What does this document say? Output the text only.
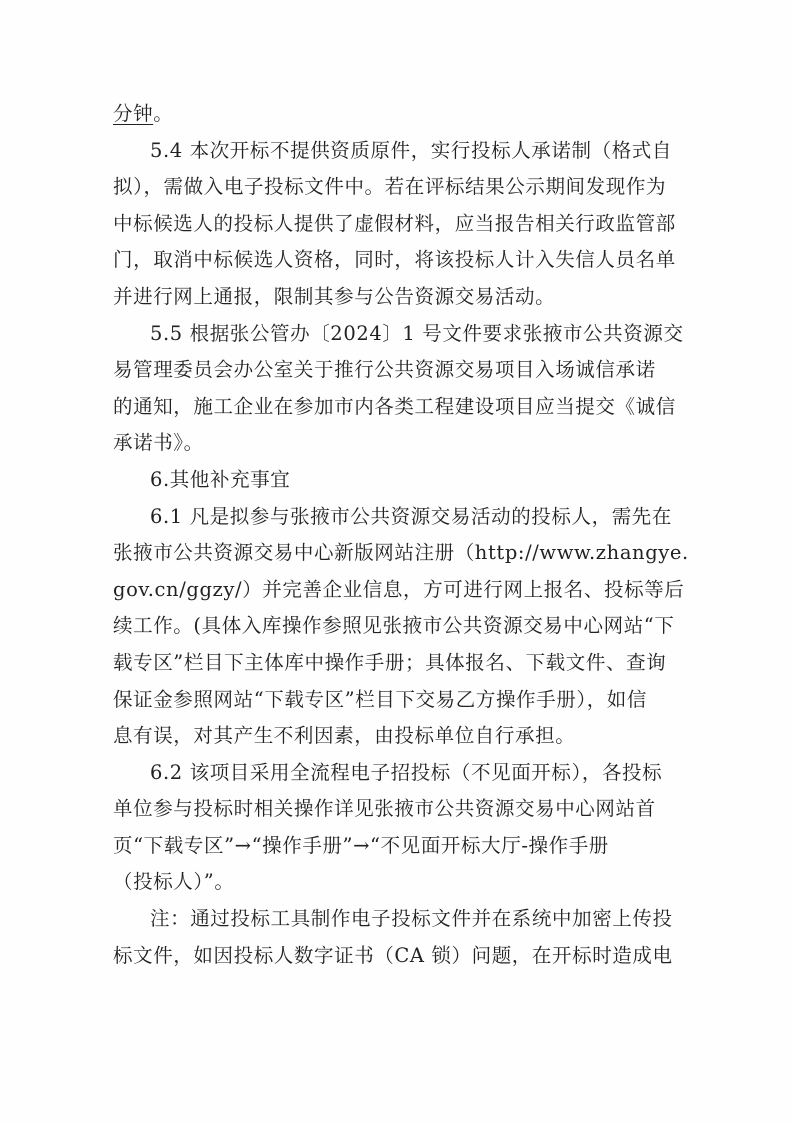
分钟。

5.4 本次开标不提供资质原件，实行投标人承诺制（格式自
拟），需做入电子投标文件中。若在评标结果公示期间发现作为
中标候选人的投标人提供了虚假材料，应当报告相关行政监管部
门，取消中标候选人资格，同时，将该投标人计入失信人员名单
并进行网上通报，限制其参与公告资源交易活动。

5.5 根据张公管办〔2024〕1 号文件要求张掖市公共资源交
易管理委员会办公室关于推行公共资源交易项目入场诚信承诺
的通知，施工企业在参加市内各类工程建设项目应当提交《诚信
承诺书》。

6.其他补充事宜

6.1 凡是拟参与张掖市公共资源交易活动的投标人，需先在
张掖市公共资源交易中心新版网站注册（http://www.zhangye.
gov.cn/ggzy/）并完善企业信息，方可进行网上报名、投标等后
续工作。(具体入库操作参照见张掖市公共资源交易中心网站“下
载专区”栏目下主体库中操作手册；具体报名、下载文件、查询
保证金参照网站“下载专区”栏目下交易乙方操作手册），如信
息有误，对其产生不利因素，由投标单位自行承担。

6.2 该项目采用全流程电子招投标（不见面开标），各投标
单位参与投标时相关操作详见张掖市公共资源交易中心网站首
页“下载专区”→“操作手册”→“不见面开标大厅-操作手册
（投标人）”。

注：通过投标工具制作电子投标文件并在系统中加密上传投
标文件，如因投标人数字证书（CA 锁）问题，在开标时造成电
